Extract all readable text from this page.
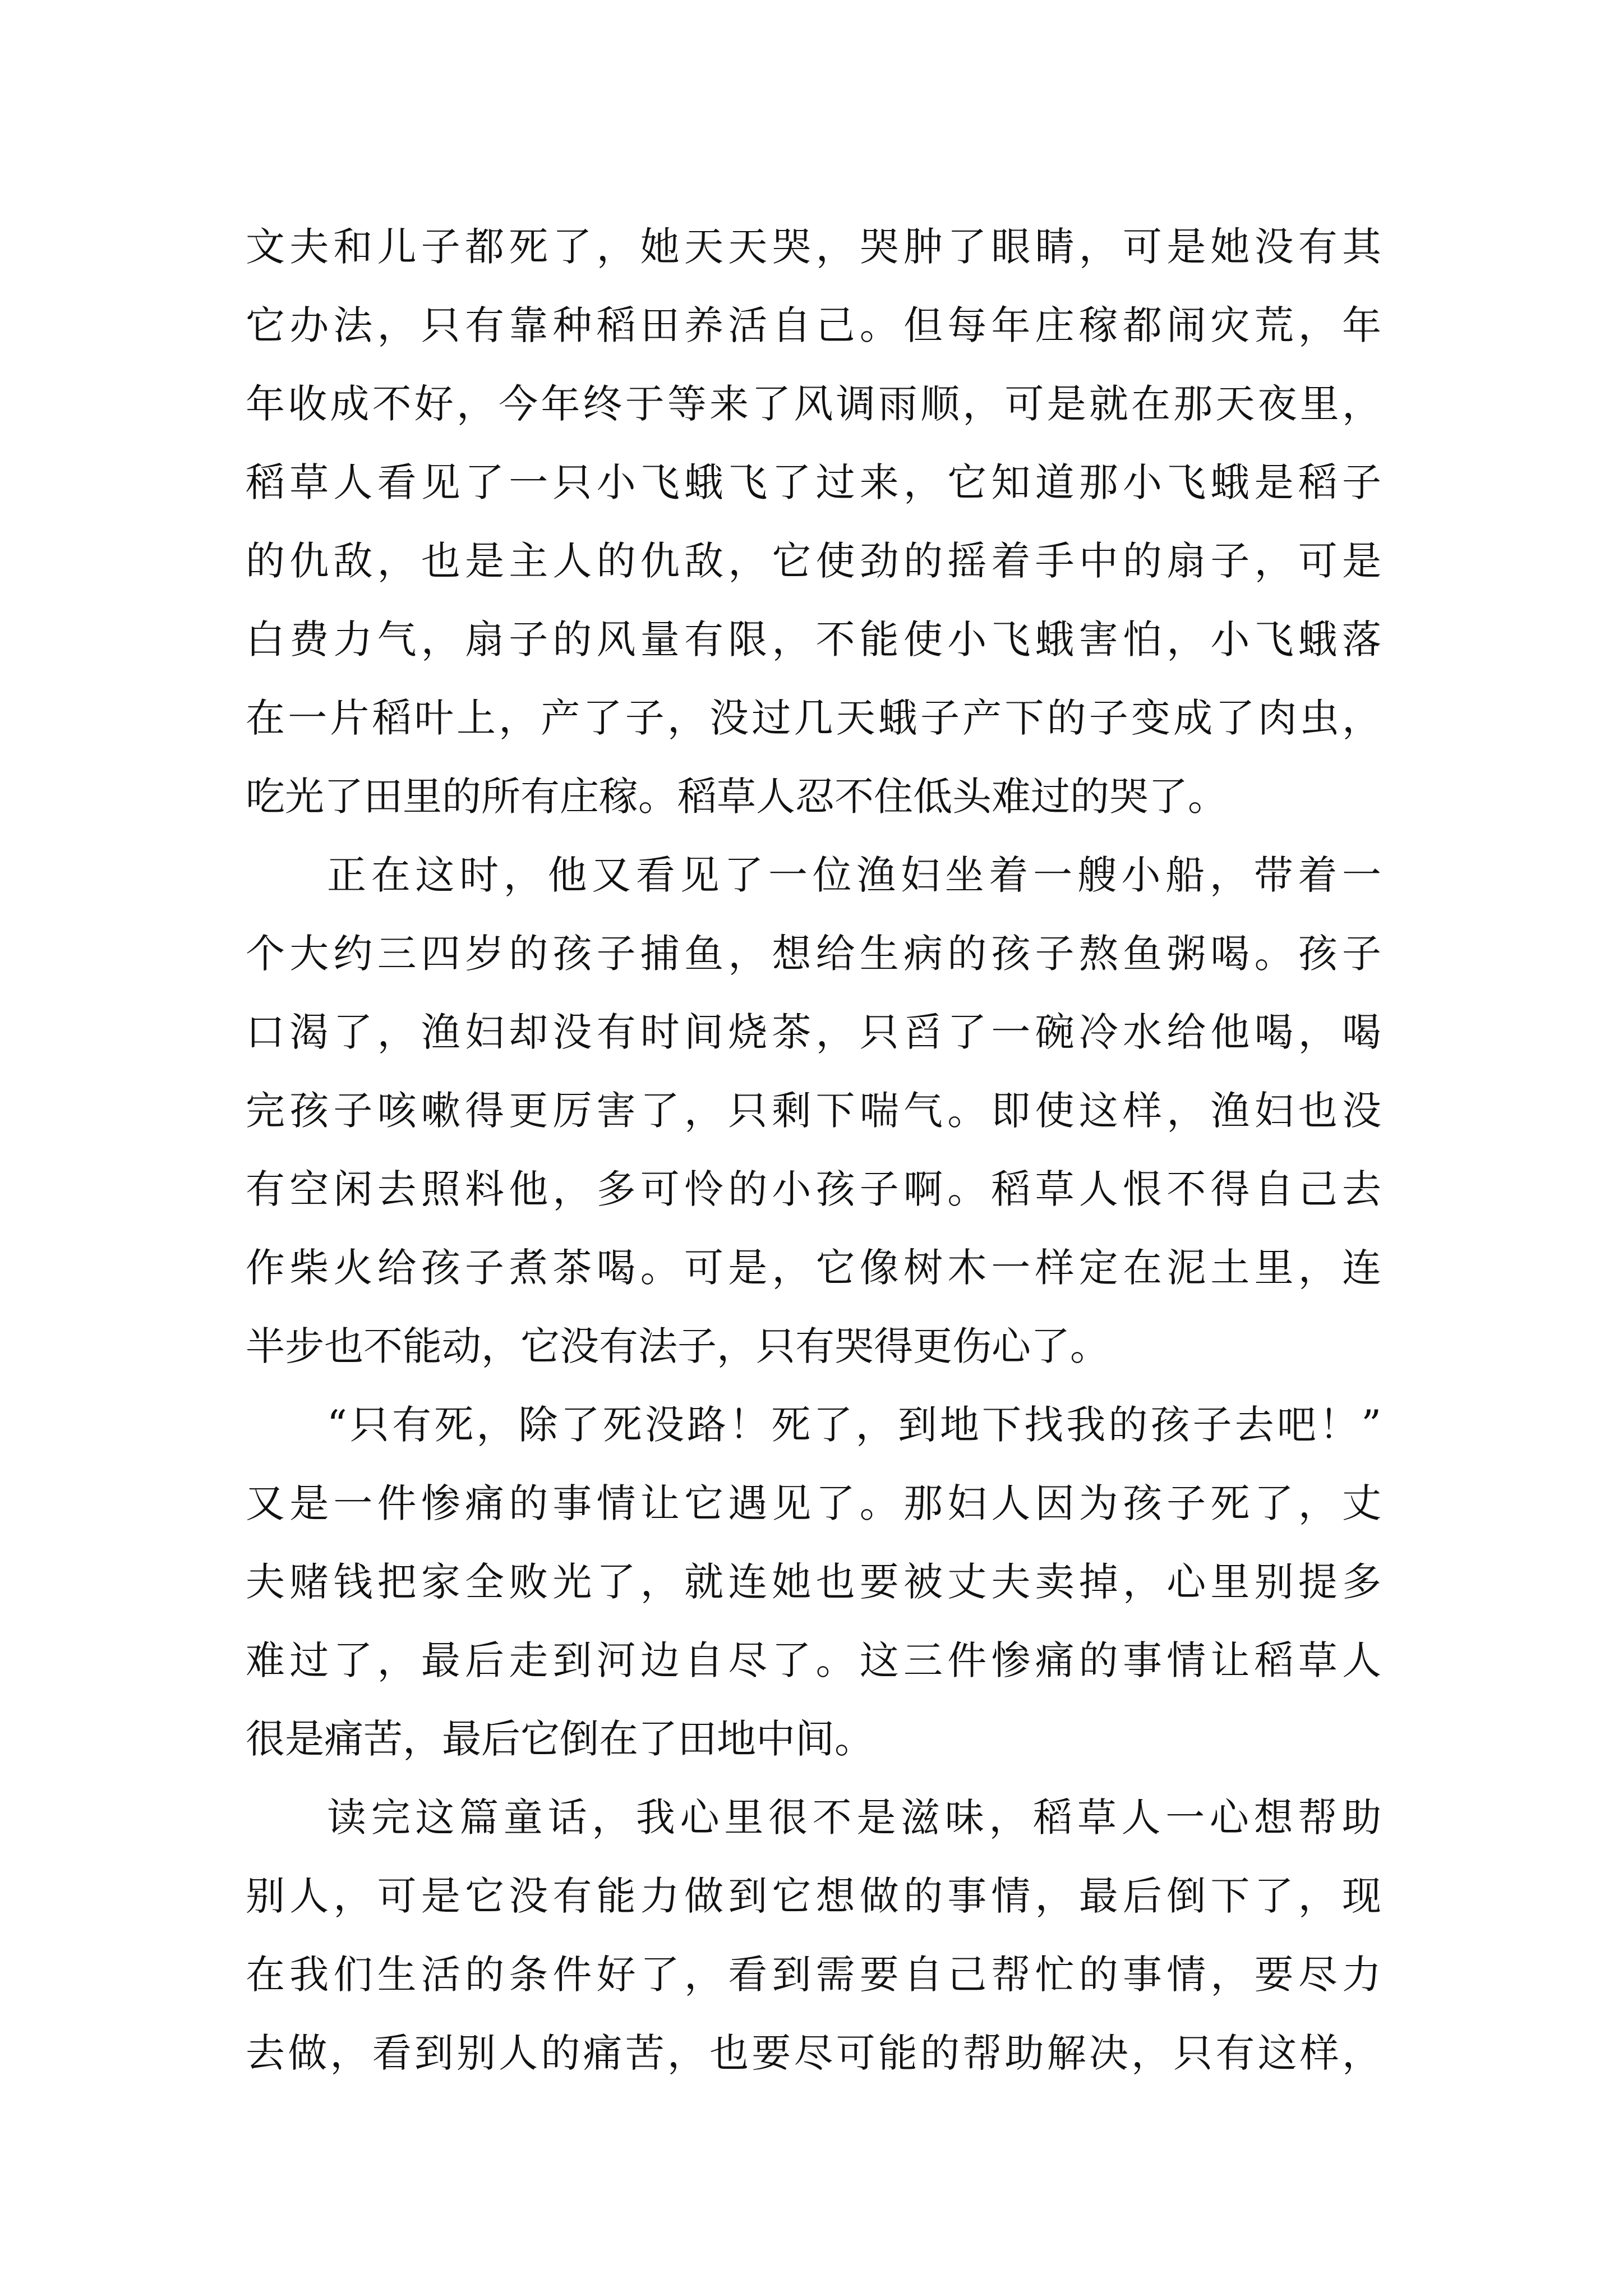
文夫和儿子都死了，她天天哭，哭肿了眼睛，可是她没有其
它办法，只有靠种稻田养活自己。但每年庄稼都闹灾荒，年
年收成不好，今年终于等来了风调雨顺，可是就在那天夜里，
稻草人看见了一只小飞蛾飞了过来，它知道那小飞蛾是稻子
的仇敌，也是主人的仇敌，它使劲的摇着手中的扇子，可是
白费力气，扇子的风量有限，不能使小飞蛾害怕，小飞蛾落
在一片稻叶上，产了子，没过几天蛾子产下的子变成了肉虫，
吃光了田里的所有庄稼。稻草人忍不住低头难过的哭了。
正在这时，他又看见了一位渔妇坐着一艘小船，带着一
个大约三四岁的孩子捕鱼，想给生病的孩子熬鱼粥喝。孩子
口渴了，渔妇却没有时间烧茶，只舀了一碗冷水给他喝，喝
完孩子咳嗽得更厉害了，只剩下喘气。即使这样，渔妇也没
有空闲去照料他，多可怜的小孩子啊。稻草人恨不得自己去
作柴火给孩子煮茶喝。可是，它像树木一样定在泥土里，连
半步也不能动，它没有法子，只有哭得更伤心了。
“只有死，除了死没路！死了，到地下找我的孩子去吧！”
又是一件惨痛的事情让它遇见了。那妇人因为孩子死了，丈
夫赌钱把家全败光了，就连她也要被丈夫卖掉，心里别提多
难过了，最后走到河边自尽了。这三件惨痛的事情让稻草人
很是痛苦，最后它倒在了田地中间。
读完这篇童话，我心里很不是滋味，稻草人一心想帮助
别人，可是它没有能力做到它想做的事情，最后倒下了，现
在我们生活的条件好了，看到需要自己帮忙的事情，要尽力
去做，看到别人的痛苦，也要尽可能的帮助解决，只有这样，
